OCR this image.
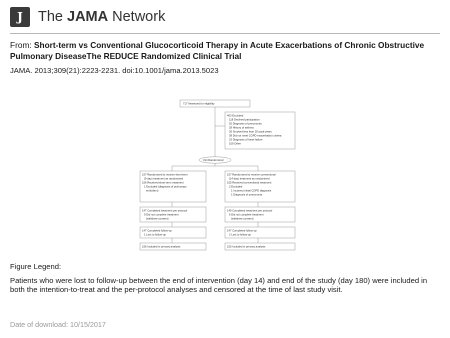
J	The JAMA Network
From: Short-term vs Conventional Glucocorticoid Therapy in Acute Exacerbations of Chronic Obstructive Pulmonary DiseaseThe REDUCE Randomized Clinical Trial
JAMA. 2013;309(21):2223-2231. doi:10.1001/jama.2013.5023
717 Assessed for eligibility
403 Excluded 118 Declined participation 52 Diagnosis of pneumonia 28 History of asthma 35 Smoked less than 20 pack-years 38 Did not meet COPD exacerbation criteria 23 Diagnosis of heart failure 109 Other
314 Randomized
157 Randomized to receive short-term (5-day) treatment as randomized 156 Received short-term treatment 1 Excluded (diagnosis of pulmonary embolism)
147 Completed treatment per protocol 9 Did not complete treatment (withdrew consent)
147 Completed follow-up 1 Lost to follow-up
156 Included in primary analysis
157 Randomized to receive conventional (14-day) treatment as randomized 155 Received conventional treatment 2 Excluded 1 Incorrect initial COPD diagnosis 1 Diagnosis of pneumonia
149 Completed treatment per protocol 6 Did not complete treatment (withdrew consent)
147 Completed follow-up 2 Lost to follow-up
155 Included in primary analysis
Figure Legend:
Patients who were lost to follow-up between the end of intervention (day 14) and end of the study (day 180) were included in both the intention-to-treat and the per-protocol analyses and censored at the time of last study visit.
Date of download: 10/15/2017
